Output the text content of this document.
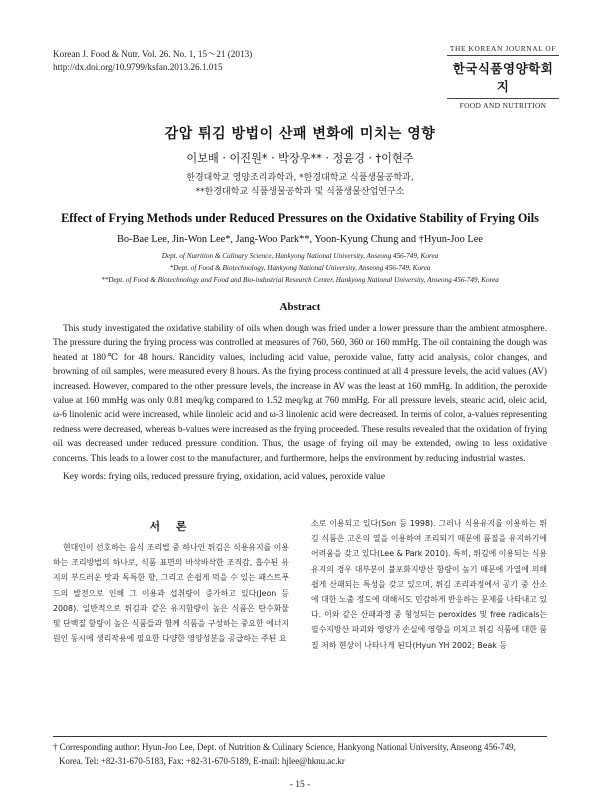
Korean J. Food & Nutr. Vol. 26. No. 1, 15～21 (2013)
http://dx.doi.org/10.9799/ksfan.2013.26.1.015
THE KOREAN JOURNAL OF
한국식품영양학회지
FOOD AND NUTRITION
감압 튀김 방법이 산패 변화에 미치는 영향
이보배 · 이진원* · 박장우** · 정윤경 · †이현주
한경대학교 영양조리과학과, *한경대학교 식품생물공학과,
**한경대학교 식품생물공학과 및 식품생물산업연구소
Effect of Frying Methods under Reduced Pressures on the Oxidative Stability of Frying Oils
Bo-Bae Lee, Jin-Won Lee*, Jang-Woo Park**, Yoon-Kyung Chung and †Hyun-Joo Lee
Dept. of Nutrition & Culinary Science, Hankyong National University, Anseong 456-749, Korea
*Dept. of Food & Biotechnology, Hankyong National University, Anseong 456-749, Korea
**Dept. of Food & Biotechnology and Food and Bio-industrial Research Center, Hankyong National University, Anseong 456-749, Korea
Abstract
This study investigated the oxidative stability of oils when dough was fried under a lower pressure than the ambient atmosphere. The pressure during the frying process was controlled at measures of 760, 560, 360 or 160 mmHg. The oil containing the dough was heated at 180℃ for 48 hours. Rancidity values, including acid value, peroxide value, fatty acid analysis, color changes, and browning of oil samples, were measured every 8 hours. As the frying process continued at all 4 pressure levels, the acid values (AV) increased. However, compared to the other pressure levels, the increase in AV was the least at 160 mmHg. In addition, the peroxide value at 160 mmHg was only 0.81 meq/kg compared to 1.52 meq/kg at 760 mmHg. For all pressure levels, stearic acid, oleic acid, ω-6 linolenic acid were increased, while linoleic acid and ω-3 linolenic acid were decreased. In terms of color, a-values representing redness were decreased, whereas b-values were increased as the frying proceeded. These results revealed that the oxidation of frying oil was decreased under reduced pressure condition. Thus, the usage of frying oil may be extended, owing to less oxidative concerns. This leads to a lower cost to the manufacturer, and furthermore, helps the environment by reducing industrial wastes.
Key words: frying oils, reduced pressure frying, oxidation, acid values, peroxide value
서 론
현대인이 선호하는 음식 조리법 중 하나인 튀김은 식용유지를 이용하는 조리방법의 하나로, 식품 표면의 바삭바삭한 조직감, 흡수된 유지의 부드러운 맛과 독특한 향, 그리고 손쉽게 먹을 수 있는 패스트푸드의 발전으로 인해 그 이용과 섭취량이 증가하고 있다(Jeon 등 2008). 일반적으로 튀김과 같은 유지함량이 높은 식품은 탄수화물 및 단백질 함량이 높은 식품들과 함께 식품을 구성하는 중요한 에너지원인 동시에 생리작용에 필요한 다양한 영양성분을 공급하는 주된 요
소로 이용되고 있다(Son 등 1998). 그러나 식용유지를 이용하는 튀김 식품은 고온의 열을 이용하여 조리되기 때문에 품질을 유지하기에 어려움을 갖고 있다(Lee & Park 2010). 특히, 튀김에 이용되는 식용유지의 경우 대부분이 불포화지방산 함량이 높기 때문에 가열에 의해 쉽게 산패되는 특성을 갖고 있으며, 튀김 조리과정에서 공기 중 산소에 대한 노출 정도에 대해서도 민감하게 반응하는 문제를 나타내고 있다. 이와 같은 산패과정 중 형성되는 peroxides 및 free radicals는 필수지방산 파괴와 영양가 손실에 영향을 미치고 튀김 식품에 대한 품질 저하 현상이 나타나게 된다(Hyun YH 2002; Beak 등
† Corresponding author: Hyun-Joo Lee, Dept. of Nutrition & Culinary Science, Hankyong National University, Anseong 456-749,
Korea. Tel: +82-31-670-5183, Fax: +82-31-670-5189, E-mail: hjlee@hknu.ac.kr
- 15 -
